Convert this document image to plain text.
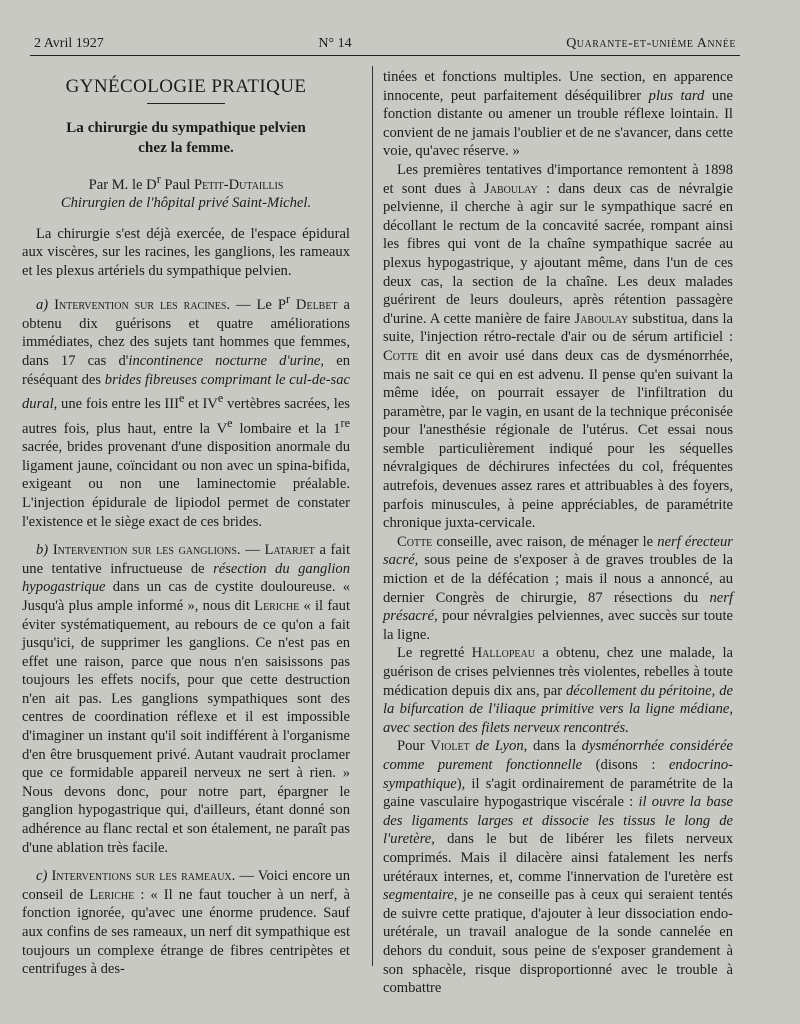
2 Avril 1927	N° 14	Quarante-et-unième Année
GYNÉCOLOGIE PRATIQUE
La chirurgie du sympathique pelvien
chez la femme.

Par M. le $D^r$ Paul Petit-Dutaillis

Chirurgien de l'hôpital privé Saint-Michel.

La chirurgie s'est déjà exercée, de l'espace épidural aux viscères, sur les racines, les ganglions, les rameaux et les plexus artériels du sympathique pelvien.

a) Intervention sur les racines. — Le $P^r$ Delbet a obtenu dix guérisons et quatre améliorations immédiates, chez des sujets tant hommes que femmes, dans 17 cas d'incontinence nocturne d'urine, en réséquant des brides fibreuses comprimant le cul-de-sac dural, une fois entre les IIIe et IVe vertèbres sacrées, les autres fois, plus haut, entre la Ve lombaire et la 1re sacrée, brides provenant d'une disposition anormale du ligament jaune, coïncidant ou non avec un spina-bifida, exigeant ou non une laminectomie préalable. L'injection épidurale de lipiodol permet de constater l'existence et le siège exact de ces brides.

b) Intervention sur les ganglions. — Latarjet a fait une tentative infructueuse de résection du ganglion hypogastrique dans un cas de cystite douloureuse. « Jusqu'à plus ample informé », nous dit Leriche « il faut éviter systématiquement, au rebours de ce qu'on a fait jusqu'ici, de supprimer les ganglions. Ce n'est pas en effet une raison, parce que nous n'en saisissons pas toujours les effets nocifs, pour que cette destruction n'en ait pas. Les ganglions sympathiques sont des centres de coordination réflexe et il est impossible d'imaginer un instant qu'il soit indifférent à l'organisme d'en être brusquement privé. Autant vaudrait proclamer que ce formidable appareil nerveux ne sert à rien. » Nous devons donc, pour notre part, épargner le ganglion hypogastrique qui, d'ailleurs, étant donné son adhérence au flanc rectal et son étalement, ne paraît pas d'une ablation très facile.

c) Interventions sur les rameaux. — Voici encore un conseil de Leriche : « Il ne faut toucher à un nerf, à fonction ignorée, qu'avec une énorme prudence. Sauf aux confins de ses rameaux, un nerf dit sympathique est toujours un complexe étrange de fibres centripètes et centrifuges à des-

tinées et fonctions multiples. Une section, en apparence innocente, peut parfaitement déséquilibrer plus tard une fonction distante ou amener un trouble réflexe lointain. Il convient de ne jamais l'oublier et de ne s'avancer, dans cette voie, qu'avec réserve. »

Les premières tentatives d'importance remontent à 1898 et sont dues à Jaboulay : dans deux cas de névralgie pelvienne, il cherche à agir sur le sympathique sacré en décollant le rectum de la concavité sacrée, rompant ainsi les fibres qui vont de la chaîne sympathique sacrée au plexus hypogastrique, y ajoutant même, dans l'un de ces deux cas, la section de la chaîne. Les deux malades guérirent de leurs douleurs, après rétention passagère d'urine. A cette manière de faire Jaboulay substitua, dans la suite, l'injection rétro-rectale d'air ou de sérum artificiel : Cotte dit en avoir usé dans deux cas de dysménorrhée, mais ne sait ce qui en est advenu. Il pense qu'en suivant la même idée, on pourrait essayer de l'infiltration du paramètre, par le vagin, en usant de la technique préconisée pour l'anesthésie régionale de l'utérus. Cet essai nous semble particulièrement indiqué pour les séquelles névralgiques de déchirures infectées du col, fréquentes autrefois, devenues assez rares et attribuables à des foyers, parfois minuscules, à peine appréciables, de paramétrite chronique juxta-cervicale.

Cotte conseille, avec raison, de ménager le nerf érecteur sacré, sous peine de s'exposer à de graves troubles de la miction et de la défécation ; mais il nous a annoncé, au dernier Congrès de chirurgie, 87 résections du nerf présacré, pour névralgies pelviennes, avec succès sur toute la ligne.

Le regretté Hallopeau a obtenu, chez une malade, la guérison de crises pelviennes très violentes, rebelles à toute médication depuis dix ans, par décollement du péritoine, de la bifurcation de l'iliaque primitive vers la ligne médiane, avec section des filets nerveux rencontrés.

Pour Violet de Lyon, dans la dysménorrhée considérée comme purement fonctionnelle (disons : endocrino-sympathique), il s'agit ordinairement de paramétrite de la gaine vasculaire hypogastrique viscérale : il ouvre la base des ligaments larges et dissocie les tissus le long de l'uretère, dans le but de libérer les filets nerveux comprimés. Mais il dilacère ainsi fatalement les nerfs urétéraux internes, et, comme l'innervation de l'uretère est segmentaire, je ne conseille pas à ceux qui seraient tentés de suivre cette pratique, d'ajouter à leur dissociation endo-urétérale, un travail analogue de la sonde cannelée en dehors du conduit, sous peine de s'exposer grandement à son sphacèle, risque disproportionné avec le trouble à combattre
